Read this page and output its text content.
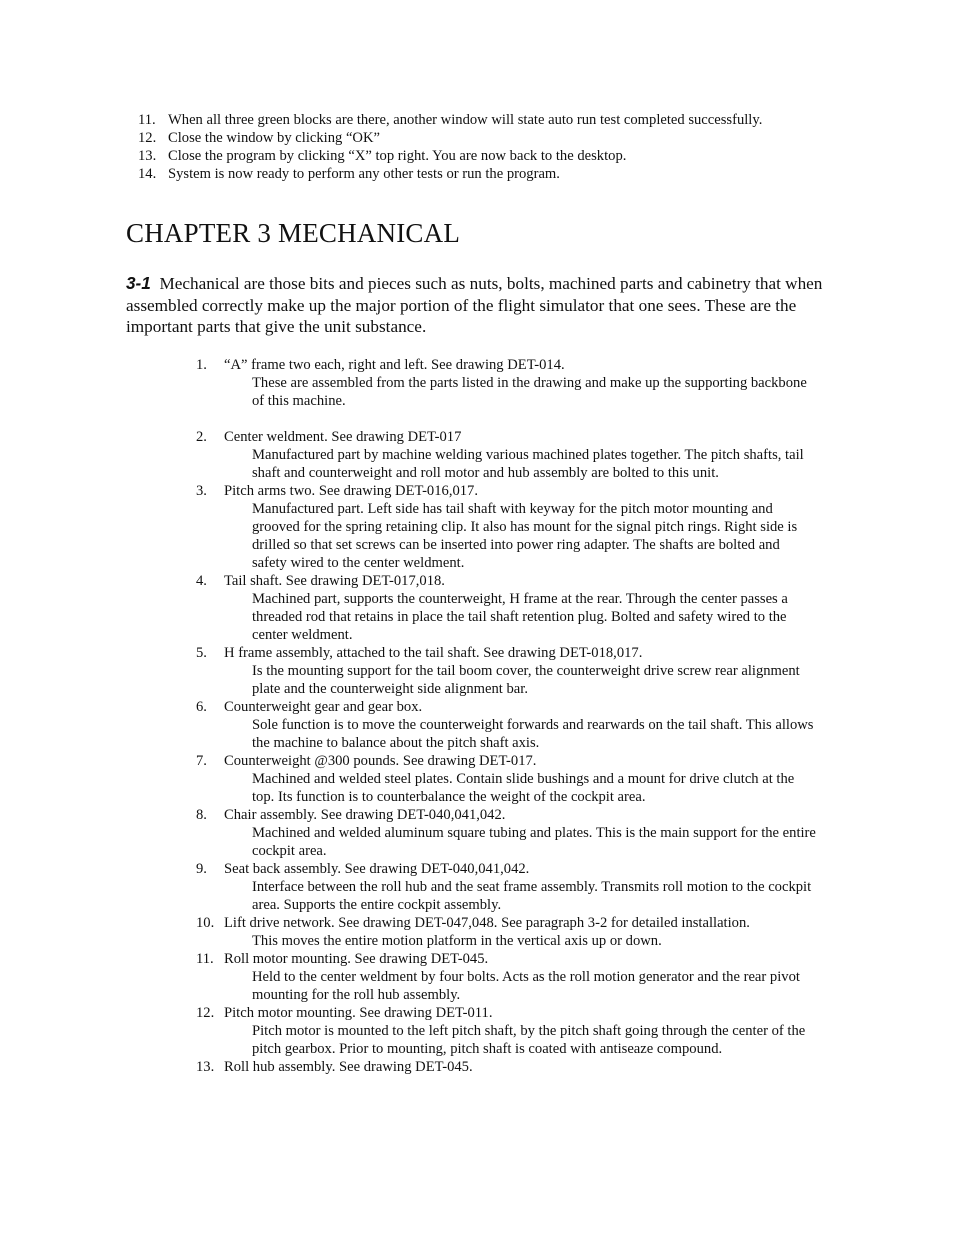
11. When all three green blocks are there, another window will state auto run test completed successfully.
12. Close the window by clicking “OK”
13. Close the program by clicking “X” top right. You are now back to the desktop.
14. System is now ready to perform any other tests or run the program.
CHAPTER 3 MECHANICAL

3-1 Mechanical are those bits and pieces such as nuts, bolts, machined parts and cabinetry that when assembled correctly make up the major portion of the flight simulator that one sees. These are the important parts that give the unit substance.

1. “A” frame two each, right and left. See drawing DET-014.
These are assembled from the parts listed in the drawing and make up the supporting backbone of this machine.
2. Center weldment. See drawing DET-017
Manufactured part by machine welding various machined plates together. The pitch shafts, tail shaft and counterweight and roll motor and hub assembly are bolted to this unit.
3. Pitch arms two. See drawing DET-016,017.
Manufactured part. Left side has tail shaft with keyway for the pitch motor mounting and grooved for the spring retaining clip. It also has mount for the signal pitch rings. Right side is drilled so that set screws can be inserted into power ring adapter. The shafts are bolted and safety wired to the center weldment.
4. Tail shaft. See drawing DET-017,018.
Machined part, supports the counterweight, H frame at the rear. Through the center passes a threaded rod that retains in place the tail shaft retention plug. Bolted and safety wired to the center weldment.
5. H frame assembly, attached to the tail shaft. See drawing DET-018,017.
Is the mounting support for the tail boom cover, the counterweight drive screw rear alignment plate and the counterweight side alignment bar.
6. Counterweight gear and gear box.
Sole function is to move the counterweight forwards and rearwards on the tail shaft. This allows the machine to balance about the pitch shaft axis.
7. Counterweight @300 pounds. See drawing DET-017.
Machined and welded steel plates. Contain slide bushings and a mount for drive clutch at the top. Its function is to counterbalance the weight of the cockpit area.
8. Chair assembly. See drawing DET-040,041,042.
Machined and welded aluminum square tubing and plates. This is the main support for the entire cockpit area.
9. Seat back assembly. See drawing DET-040,041,042.
Interface between the roll hub and the seat frame assembly. Transmits roll motion to the cockpit area. Supports the entire cockpit assembly.
10. Lift drive network. See drawing DET-047,048. See paragraph 3-2 for detailed installation.
This moves the entire motion platform in the vertical axis up or down.
11. Roll motor mounting. See drawing DET-045.
Held to the center weldment by four bolts. Acts as the roll motion generator and the rear pivot mounting for the roll hub assembly.
12. Pitch motor mounting. See drawing DET-011.
Pitch motor is mounted to the left pitch shaft, by the pitch shaft going through the center of the pitch gearbox. Prior to mounting, pitch shaft is coated with antiseaze compound.
13. Roll hub assembly. See drawing DET-045.
